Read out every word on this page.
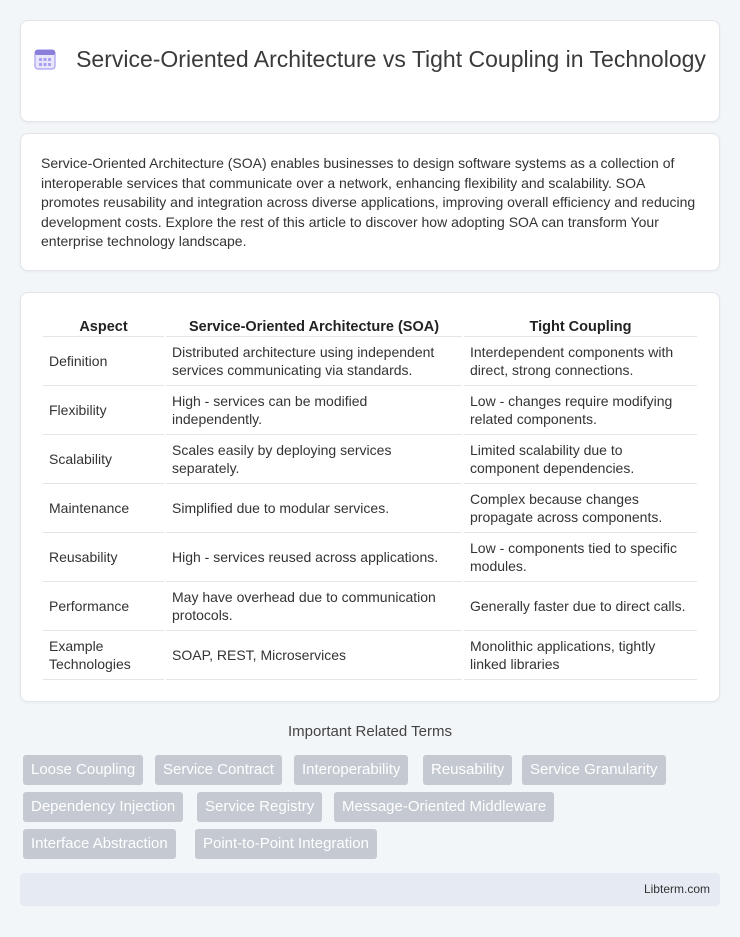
Service-Oriented Architecture vs Tight Coupling in Technology

Service-Oriented Architecture (SOA) enables businesses to design software systems as a collection of interoperable services that communicate over a network, enhancing flexibility and scalability. SOA promotes reusability and integration across diverse applications, improving overall efficiency and reducing development costs. Explore the rest of this article to discover how adopting SOA can transform Your enterprise technology landscape.

Aspect	Service-Oriented Architecture (SOA)	Tight Coupling
Definition	Distributed architecture using independent services communicating via standards.	Interdependent components with direct, strong connections.
Flexibility	High - services can be modified independently.	Low - changes require modifying related components.
Scalability	Scales easily by deploying services separately.	Limited scalability due to component dependencies.
Maintenance	Simplified due to modular services.	Complex because changes propagate across components.
Reusability	High - services reused across applications.	Low - components tied to specific modules.
Performance	May have overhead due to communication protocols.	Generally faster due to direct calls.
Example Technologies	SOAP, REST, Microservices	Monolithic applications, tightly linked libraries
Important Related Terms
Loose Coupling	Service Contract	Interoperability	Reusability	Service Granularity
Dependency Injection	Service Registry	Message-Oriented Middleware
Interface Abstraction	Point-to-Point Integration
Libterm.com
